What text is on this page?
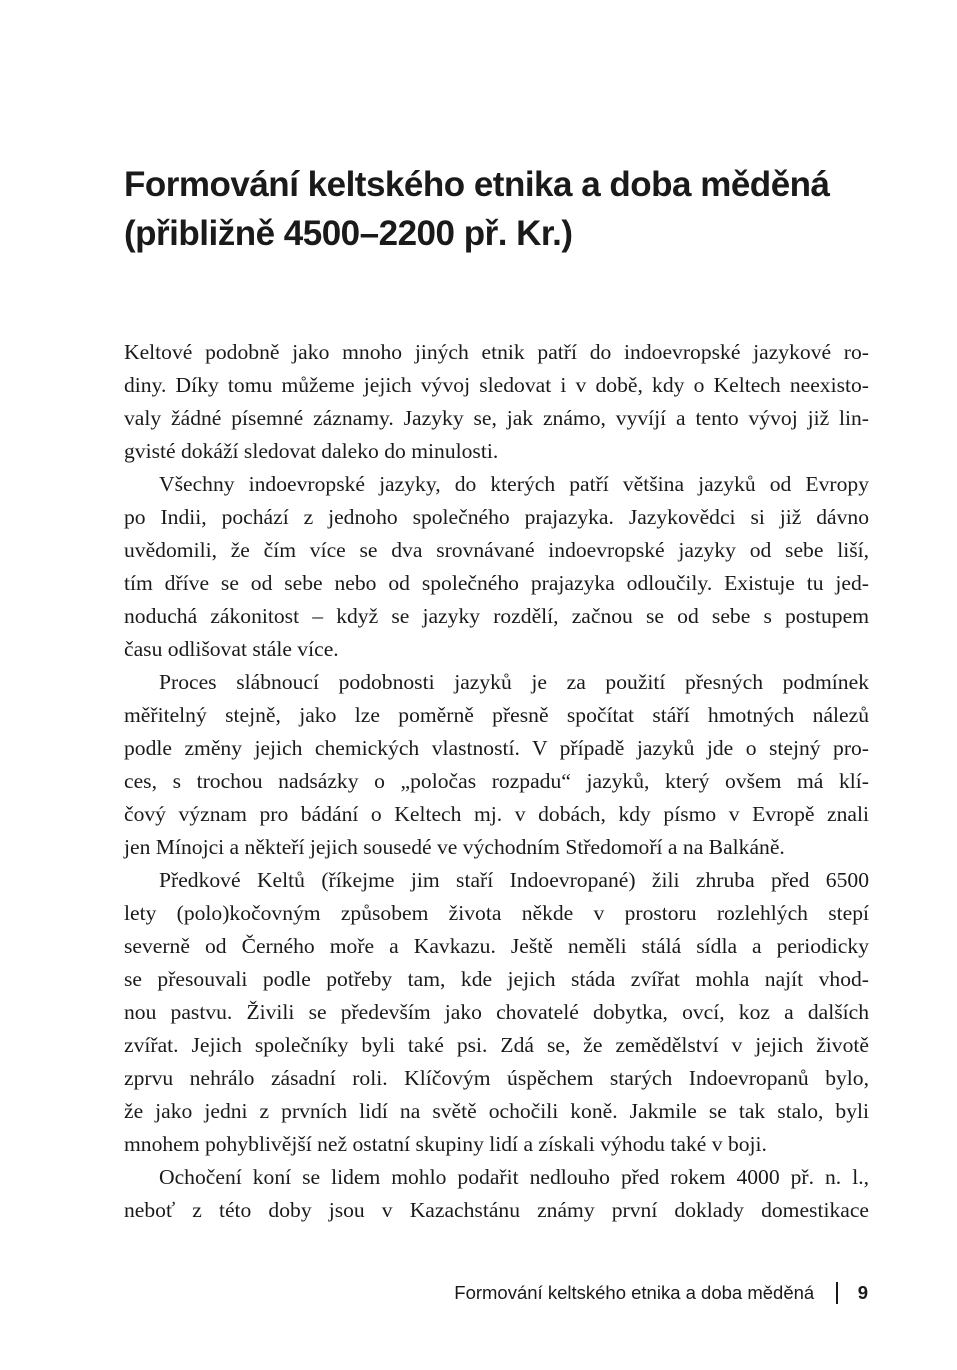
Formování keltského etnika a doba měděná
(přibližně 4500–2200 př. Kr.)

Keltové podobně jako mnoho jiných etnik patří do indoevropské jazykové ro-
diny. Díky tomu můžeme jejich vývoj sledovat i v době, kdy o Keltech neexisto-
valy žádné písemné záznamy. Jazyky se, jak známo, vyvíjí a tento vývoj již lin-
gvisté dokáží sledovat daleko do minulosti.

Všechny indoevropské jazyky, do kterých patří většina jazyků od Evropy
po Indii, pochází z jednoho společného prajazyka. Jazykovědci si již dávno
uvědomili, že čím více se dva srovnávané indoevropské jazyky od sebe liší,
tím dříve se od sebe nebo od společného prajazyka odloučily. Existuje tu jed-
noduchá zákonitost – když se jazyky rozdělí, začnou se od sebe s postupem
času odlišovat stále více.

Proces slábnoucí podobnosti jazyků je za použití přesných podmínek
měřitelný stejně, jako lze poměrně přesně spočítat stáří hmotných nálezů
podle změny jejich chemických vlastností. V případě jazyků jde o stejný pro-
ces, s trochou nadsázky o „poločas rozpadu“ jazyků, který ovšem má klí-
čový význam pro bádání o Keltech mj. v dobách, kdy písmo v Evropě znali
jen Mínojci a někteří jejich sousedé ve východním Středomoří a na Balkáně.

Předkové Keltů (říkejme jim staří Indoevropané) žili zhruba před 6500
lety (polo)kočovným způsobem života někde v prostoru rozlehlých stepí
severně od Černého moře a Kavkazu. Ještě neměli stálá sídla a periodicky
se přesouvali podle potřeby tam, kde jejich stáda zvířat mohla najít vhod-
nou pastvu. Živili se především jako chovatelé dobytka, ovcí, koz a dalších
zvířat. Jejich společníky byli také psi. Zdá se, že zemědělství v jejich životě
zprvu nehrálo zásadní roli. Klíčovým úspěchem starých Indoevropanů bylo,
že jako jedni z prvních lidí na světě ochočili koně. Jakmile se tak stalo, byli
mnohem pohyblivější než ostatní skupiny lidí a získali výhodu také v boji.

Ochočení koní se lidem mohlo podařit nedlouho před rokem 4000 př. n. l.,
neboť z této doby jsou v Kazachstánu známy první doklady domestikace

Formování keltského etnika a doba měděná 9
